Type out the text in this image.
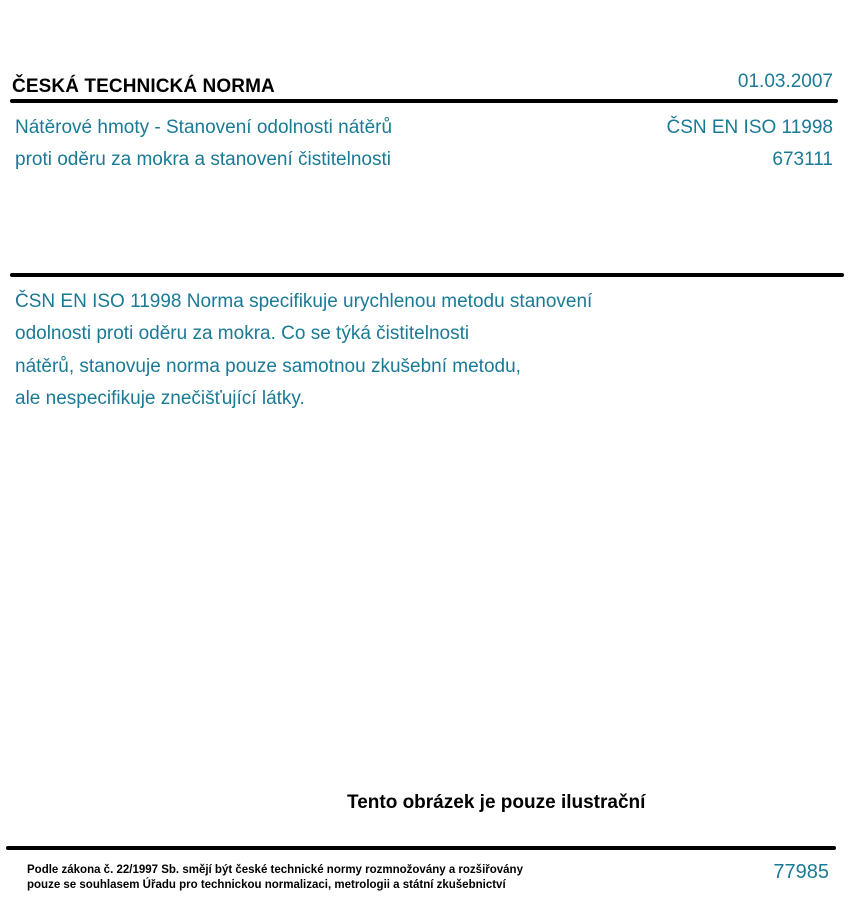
ČESKÁ TECHNICKÁ NORMA	01.03.2007
Nátěrové hmoty - Stanovení odolnosti nátěrů
proti oděru za mokra a stanovení čistitelnosti
ČSN EN ISO 11998
673111
ČSN EN ISO 11998 Norma specifikuje urychlenou metodu stanovení
odolnosti proti oděru za mokra. Co se týká čistitelnosti
nátěrů, stanovuje norma pouze samotnou zkušební metodu,
ale nespecifikuje znečišťující látky.
Tento obrázek je pouze ilustrační
Podle zákona č. 22/1997 Sb. smějí být české technické normy rozmnožovány a rozšiřovány
pouze se souhlasem Úřadu pro technickou normalizaci, metrologii a státní zkušebnictví
77985
